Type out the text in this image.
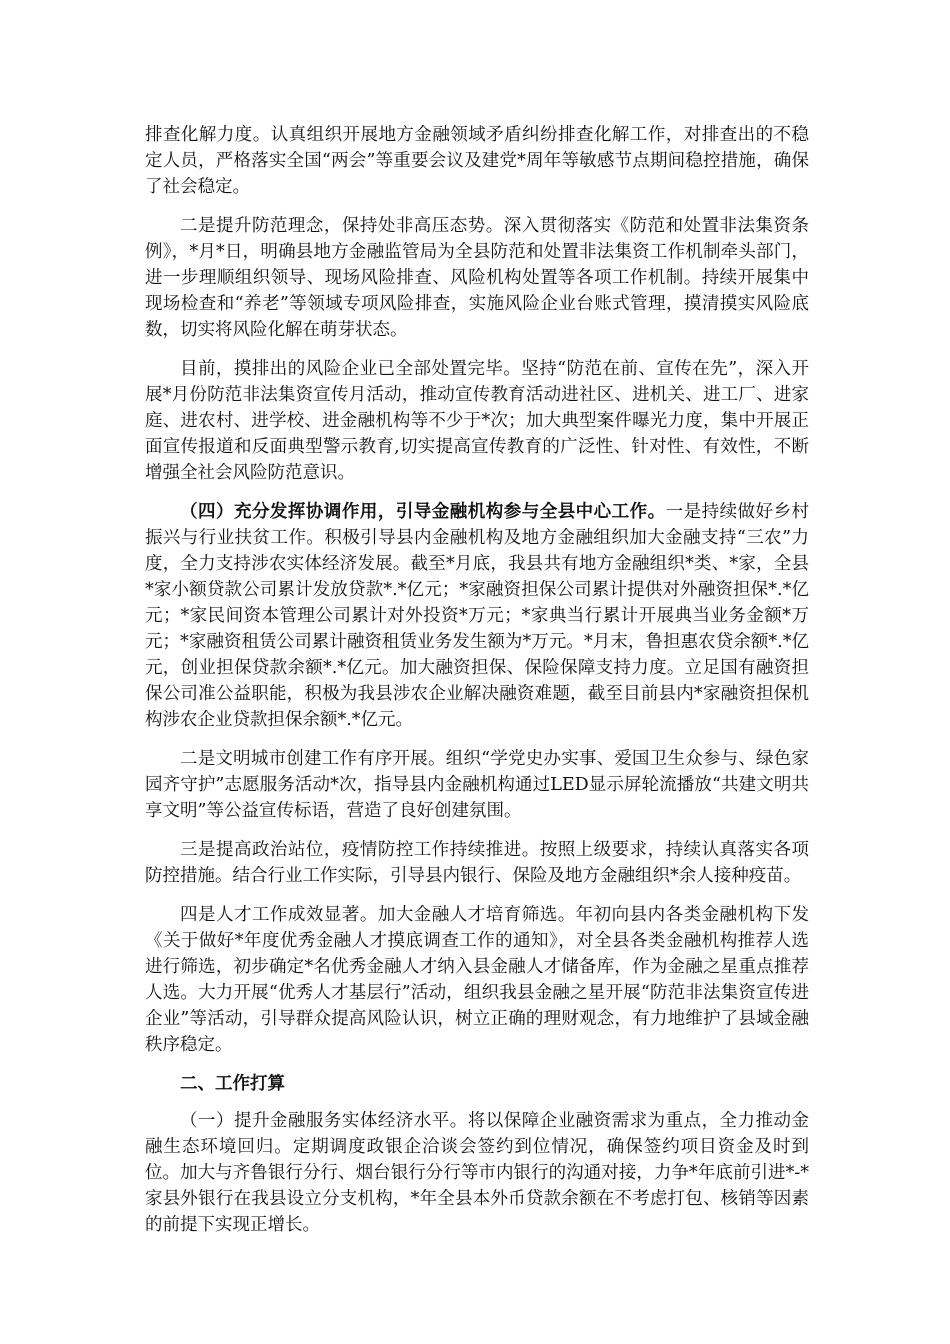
排查化解力度。认真组织开展地方金融领域矛盾纠纷排查化解工作，对排查出的不稳定人员，严格落实全国“两会”等重要会议及建党*周年等敏感节点期间稳控措施，确保了社会稳定。

二是提升防范理念，保持处非高压态势。深入贯彻落实《防范和处置非法集资条例》，*月*日，明确县地方金融监管局为全县防范和处置非法集资工作机制牵头部门，进一步理顺组织领导、现场风险排查、风险机构处置等各项工作机制。持续开展集中现场检查和“养老”等领域专项风险排查，实施风险企业台账式管理，摸清摸实风险底数，切实将风险化解在萌芽状态。

目前，摸排出的风险企业已全部处置完毕。坚持“防范在前、宣传在先”，深入开展*月份防范非法集资宣传月活动，推动宣传教育活动进社区、进机关、进工厂、进家庭、进农村、进学校、进金融机构等不少于*次；加大典型案件曝光力度，集中开展正面宣传报道和反面典型警示教育,切实提高宣传教育的广泛性、针对性、有效性，不断增强全社会风险防范意识。

（四）充分发挥协调作用，引导金融机构参与全县中心工作。一是持续做好乡村振兴与行业扶贫工作。积极引导县内金融机构及地方金融组织加大金融支持“三农”力度，全力支持涉农实体经济发展。截至*月底，我县共有地方金融组织*类、*家，全县*家小额贷款公司累计发放贷款*.*亿元；*家融资担保公司累计提供对外融资担保*.*亿元；*家民间资本管理公司累计对外投资*万元；*家典当行累计开展典当业务金额*万元；*家融资租赁公司累计融资租赁业务发生额为*万元。*月末，鲁担惠农贷余额*.*亿元，创业担保贷款余额*.*亿元。加大融资担保、保险保障支持力度。立足国有融资担保公司准公益职能，积极为我县涉农企业解决融资难题，截至目前县内*家融资担保机构涉农企业贷款担保余额*.*亿元。

二是文明城市创建工作有序开展。组织“学党史办实事、爱国卫生众参与、绿色家园齐守护”志愿服务活动*次，指导县内金融机构通过LED显示屏轮流播放“共建文明共享文明”等公益宣传标语，营造了良好创建氛围。

三是提高政治站位，疫情防控工作持续推进。按照上级要求，持续认真落实各项防控措施。结合行业工作实际，引导县内银行、保险及地方金融组织*余人接种疫苗。

四是人才工作成效显著。加大金融人才培育筛选。年初向县内各类金融机构下发《关于做好*年度优秀金融人才摸底调查工作的通知》，对全县各类金融机构推荐人选进行筛选，初步确定*名优秀金融人才纳入县金融人才储备库，作为金融之星重点推荐人选。大力开展“优秀人才基层行”活动，组织我县金融之星开展“防范非法集资宣传进企业”等活动，引导群众提高风险认识，树立正确的理财观念，有力地维护了县域金融秩序稳定。

二、工作打算

（一）提升金融服务实体经济水平。将以保障企业融资需求为重点，全力推动金融生态环境回归。定期调度政银企洽谈会签约到位情况，确保签约项目资金及时到位。加大与齐鲁银行分行、烟台银行分行等市内银行的沟通对接，力争*年底前引进*-*家县外银行在我县设立分支机构，*年全县本外币贷款余额在不考虑打包、核销等因素的前提下实现正增长。
